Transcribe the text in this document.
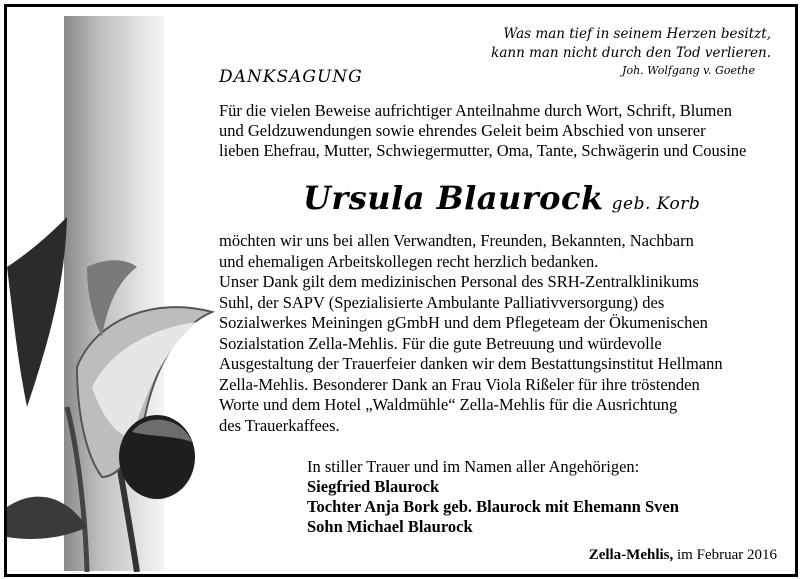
Was man tief in seinem Herzen besitzt,
kann man nicht durch den Tod verlieren.
Joh. Wolfgang v. Goethe
DANKSAGUNG
Für die vielen Beweise aufrichtiger Anteilnahme durch Wort, Schrift, Blumen
und Geldzuwendungen sowie ehrendes Geleit beim Abschied von unserer
lieben Ehefrau, Mutter, Schwiegermutter, Oma, Tante, Schwägerin und Cousine
Ursula Blaurock geb. Korb
möchten wir uns bei allen Verwandten, Freunden, Bekannten, Nachbarn
und ehemaligen Arbeitskollegen recht herzlich bedanken.
Unser Dank gilt dem medizinischen Personal des SRH-Zentralklinikums
Suhl, der SAPV (Spezialisierte Ambulante Palliativversorgung) des
Sozialwerkes Meiningen gGmbH und dem Pflegeteam der Ökumenischen
Sozialstation Zella-Mehlis. Für die gute Betreuung und würdevolle
Ausgestaltung der Trauerfeier danken wir dem Bestattungsinstitut Hellmann
Zella-Mehlis. Besonderer Dank an Frau Viola Rißeler für ihre tröstenden
Worte und dem Hotel „Waldmühle“ Zella-Mehlis für die Ausrichtung
des Trauerkaffees.
In stiller Trauer und im Namen aller Angehörigen:
Siegfried Blaurock
Tochter Anja Bork geb. Blaurock mit Ehemann Sven
Sohn Michael Blaurock
Zella-Mehlis, im Februar 2016
